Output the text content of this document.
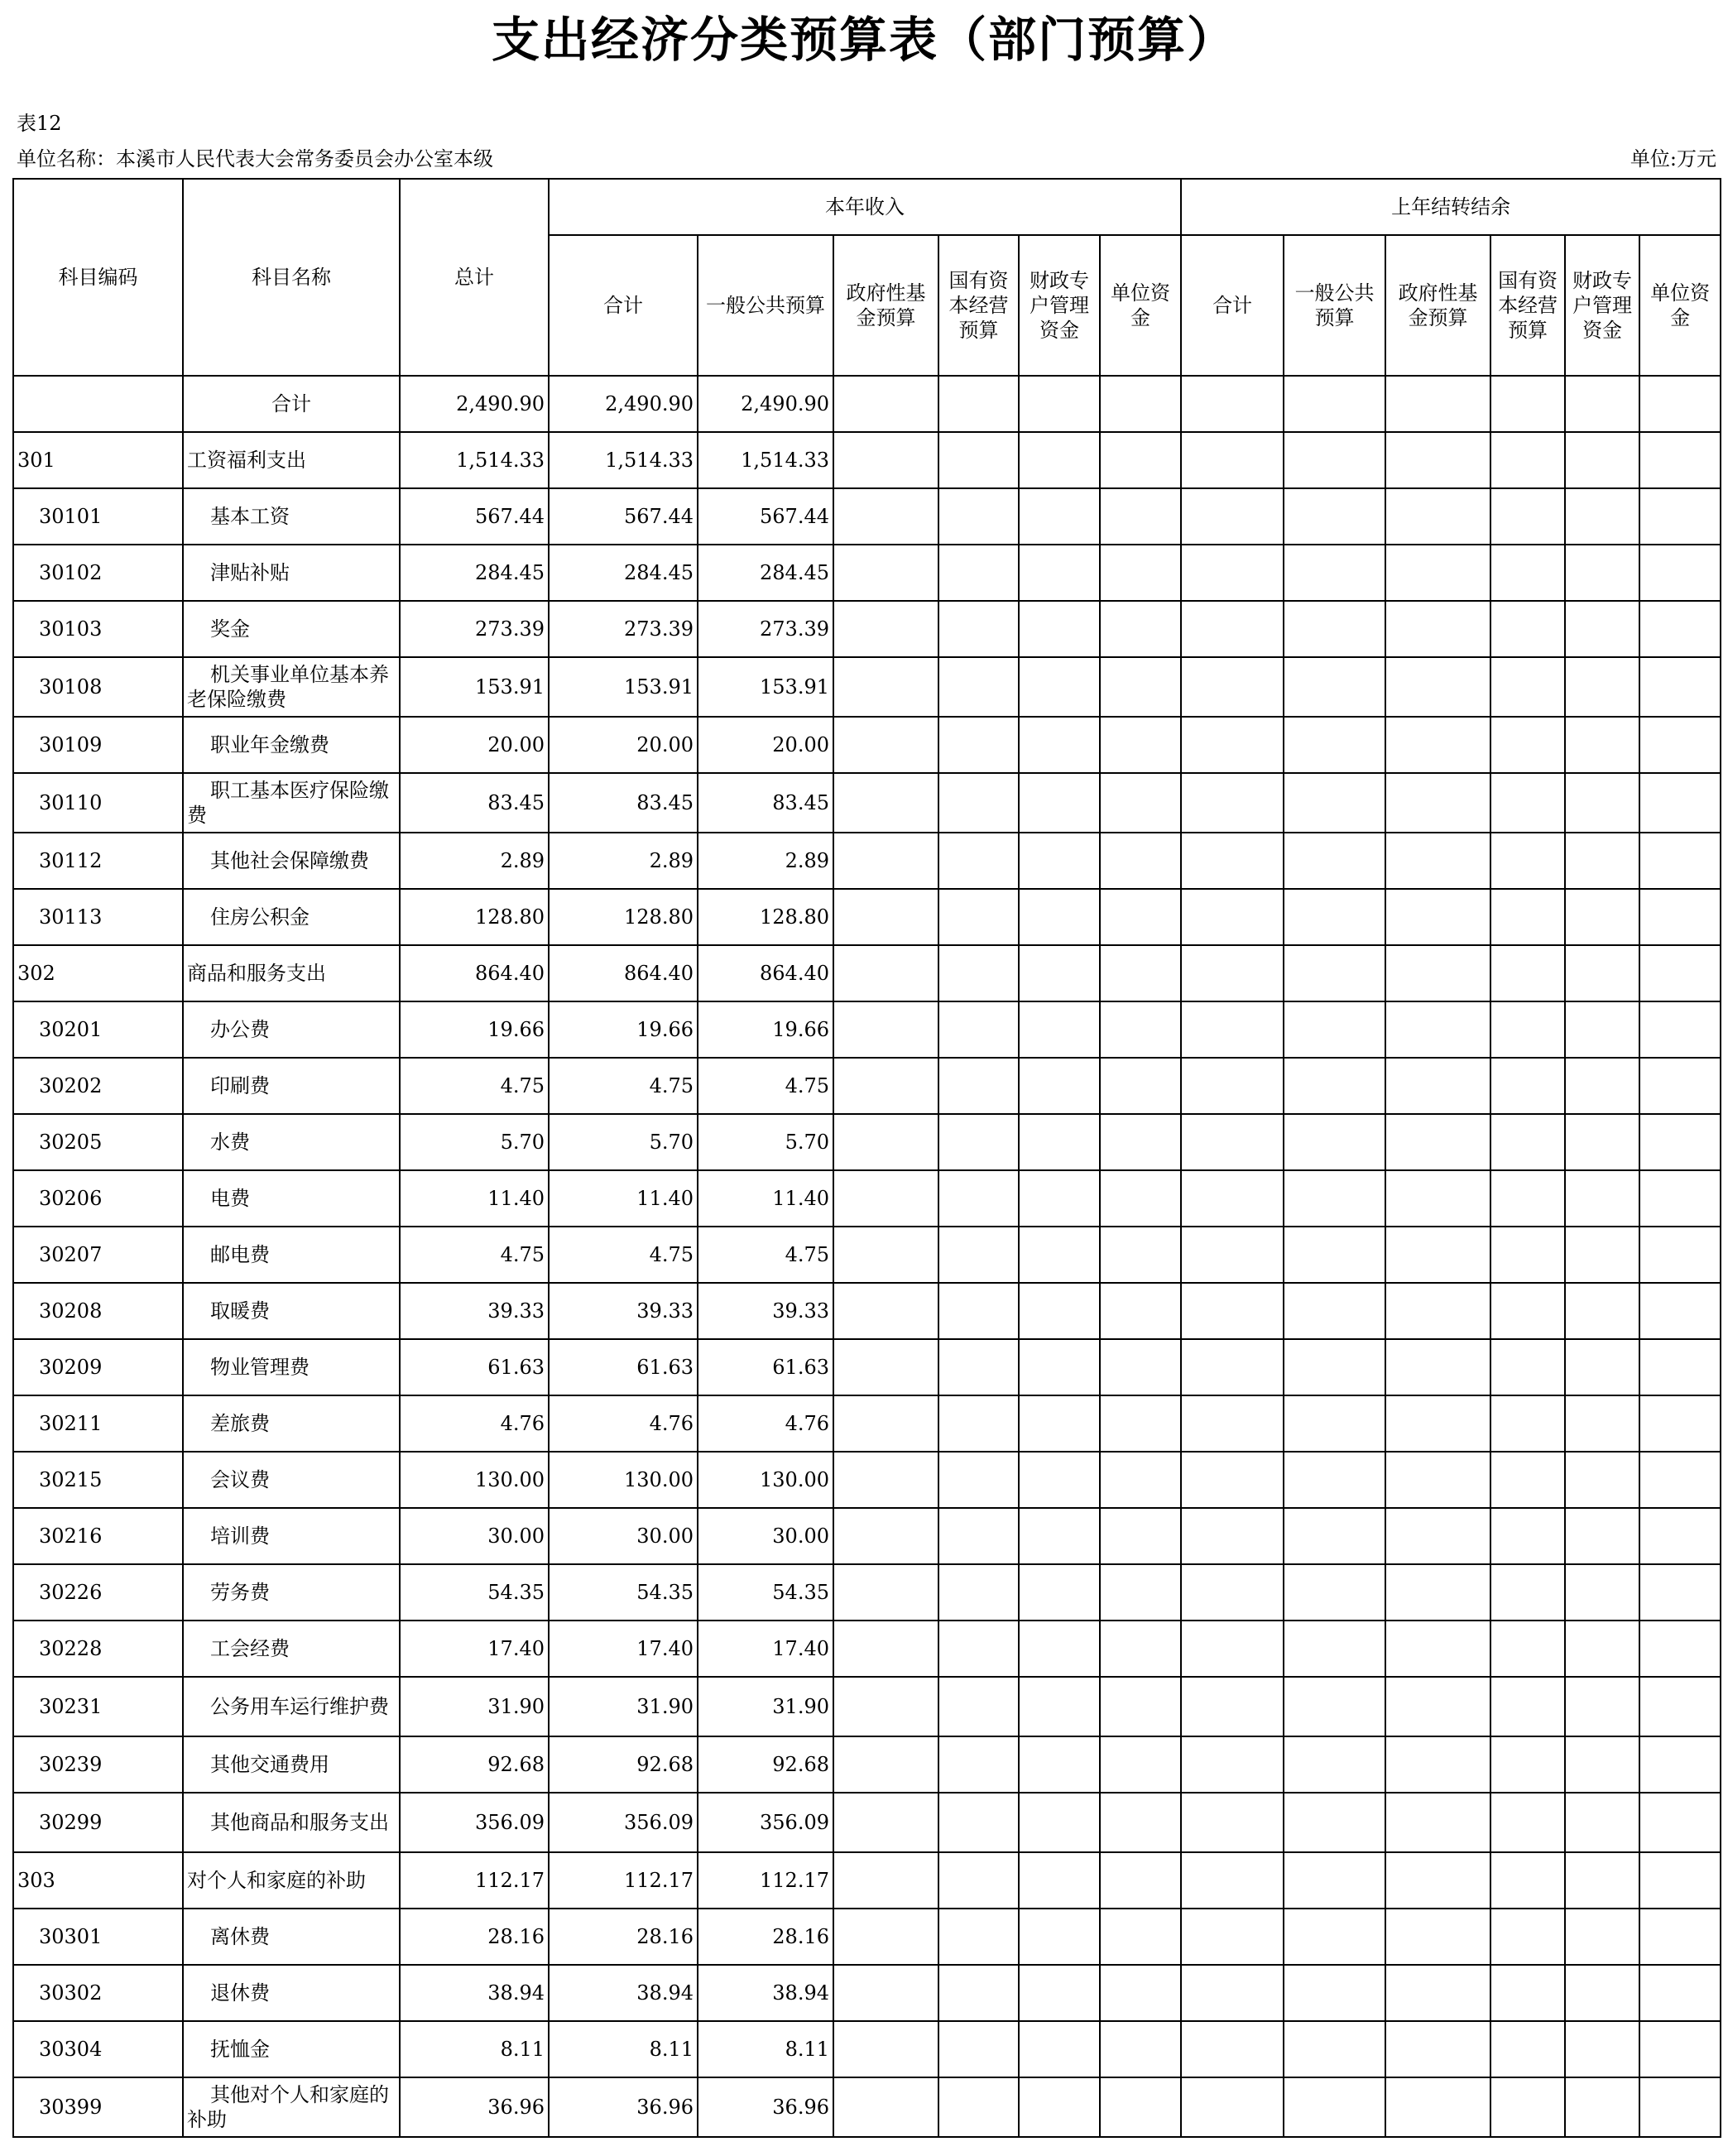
支出经济分类预算表（部门预算）
表12
单位名称：本溪市人民代表大会常务委员会办公室本级	单位:万元
科目编码	科目名称	总计	本年收入						上年结转结余					
			合计	一般公共预算	政府性基金预算	国有资本经营预算	财政专户管理资金	单位资金	合计	一般公共预算	政府性基金预算	国有资本经营预算	财政专户管理资金	单位资金
	合计	2,490.90	2,490.90	2,490.90										
301	工资福利支出	1,514.33	1,514.33	1,514.33										
30101	基本工资	567.44	567.44	567.44										
30102	津贴补贴	284.45	284.45	284.45										
30103	奖金	273.39	273.39	273.39										
30108	机关事业单位基本养老保险缴费	153.91	153.91	153.91										
30109	职业年金缴费	20.00	20.00	20.00										
30110	职工基本医疗保险缴费	83.45	83.45	83.45										
30112	其他社会保障缴费	2.89	2.89	2.89										
30113	住房公积金	128.80	128.80	128.80										
302	商品和服务支出	864.40	864.40	864.40										
30201	办公费	19.66	19.66	19.66										
30202	印刷费	4.75	4.75	4.75										
30205	水费	5.70	5.70	5.70										
30206	电费	11.40	11.40	11.40										
30207	邮电费	4.75	4.75	4.75										
30208	取暖费	39.33	39.33	39.33										
30209	物业管理费	61.63	61.63	61.63										
30211	差旅费	4.76	4.76	4.76										
30215	会议费	130.00	130.00	130.00										
30216	培训费	30.00	30.00	30.00										
30226	劳务费	54.35	54.35	54.35										
30228	工会经费	17.40	17.40	17.40										
30231	公务用车运行维护费	31.90	31.90	31.90										
30239	其他交通费用	92.68	92.68	92.68										
30299	其他商品和服务支出	356.09	356.09	356.09										
303	对个人和家庭的补助	112.17	112.17	112.17										
30301	离休费	28.16	28.16	28.16										
30302	退休费	38.94	38.94	38.94										
30304	抚恤金	8.11	8.11	8.11										
30399	其他对个人和家庭的补助	36.96	36.96	36.96										
